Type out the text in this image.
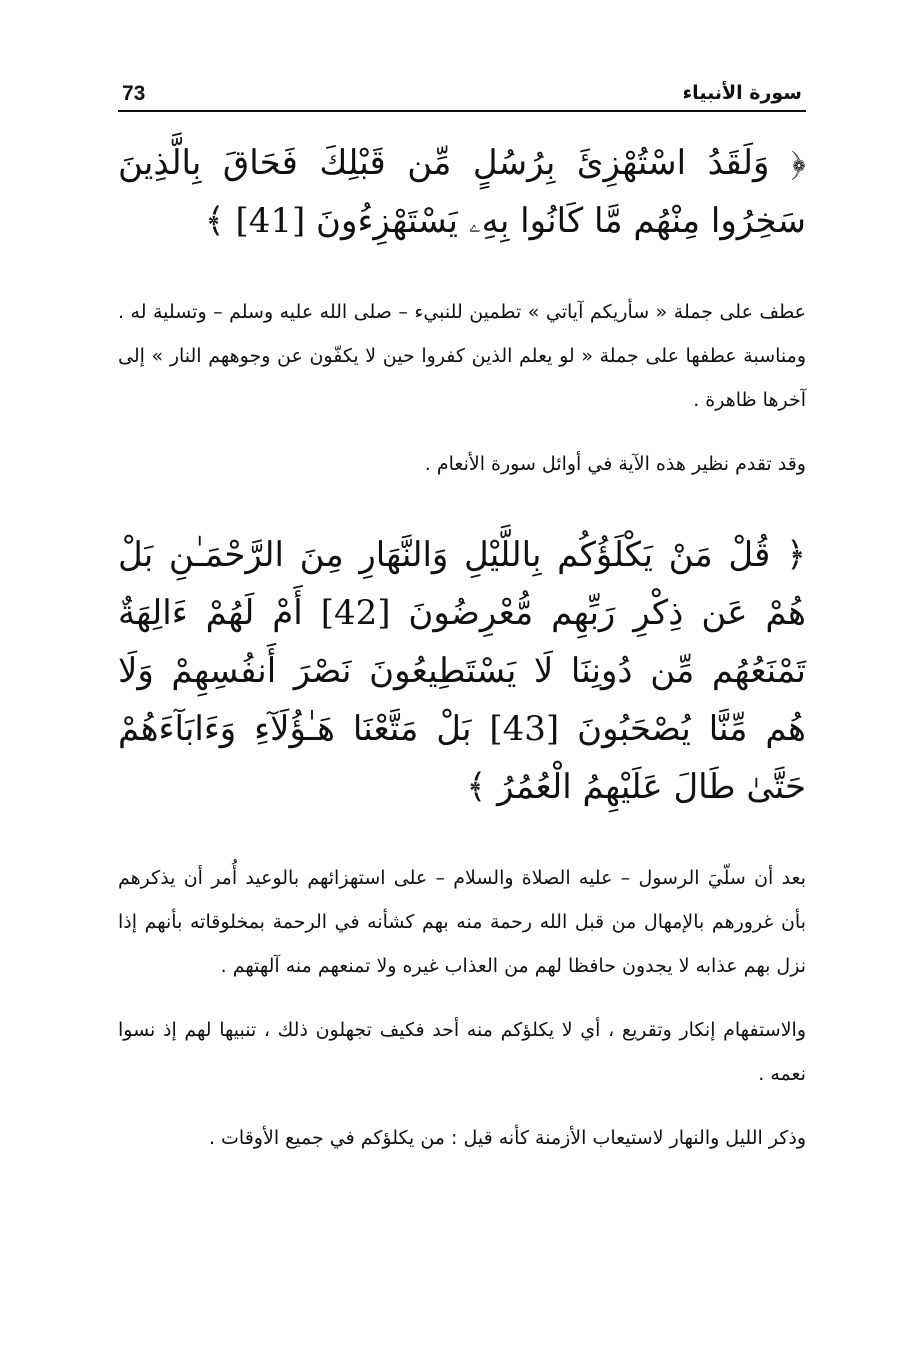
73	سورة الأنبياء

﴿ وَلَقَدُ اسْتُهْزِئَ بِرُسُلٍ مِّن قَبْلِكَ فَحَاقَ بِالَّذِينَ سَخِرُوا مِنْهُم مَّا كَانُوا بِهِۦ يَسْتَهْزِءُونَ [41] ﴾

عطف على جملة « سأريكم آياتي » تطمين للنبيء – صلى الله عليه وسلم – وتسلية له . ومناسبة عطفها على جملة « لو يعلم الذين كفروا حين لا يكفّون عن وجوههم النار » إلى آخرها ظاهرة .

وقد تقدم نظير هذه الآية في أوائل سورة الأنعام .

﴿ قُلْ مَنْ يَكْلَؤُكُم بِاللَّيْلِ وَالنَّهَارِ مِنَ الرَّحْمَـٰنِ بَلْ هُمْ عَن ذِكْرِ رَبِّهِم مُّعْرِضُونَ [42] أَمْ لَهُمْ ءَالِهَةٌ تَمْنَعُهُم مِّن دُونِنَا لَا يَسْتَطِيعُونَ نَصْرَ أَنفُسِهِمْ وَلَا هُم مِّنَّا يُصْحَبُونَ [43] بَلْ مَتَّعْنَا هَـٰؤُلَآءِ وَءَابَآءَهُمْ حَتَّىٰ طَالَ عَلَيْهِمُ الْعُمُرُ ﴾

بعد أن سلّيَ الرسول – عليه الصلاة والسلام – على استهزائهم بالوعيد أُمر أن يذكرهم بأن غرورهم بالإمهال من قبل الله رحمة منه بهم كشأنه في الرحمة بمخلوقاته بأنهم إذا نزل بهم عذابه لا يجدون حافظا لهم من العذاب غيره ولا تمنعهم منه آلهتهم .

والاستفهام إنكار وتقريع ، أي لا يكلؤكم منه أحد فكيف تجهلون ذلك ، تنبيها لهم إذ نسوا نعمه .

وذكر الليل والنهار لاستيعاب الأزمنة كأنه قيل : من يكلؤكم في جميع الأوقات .
